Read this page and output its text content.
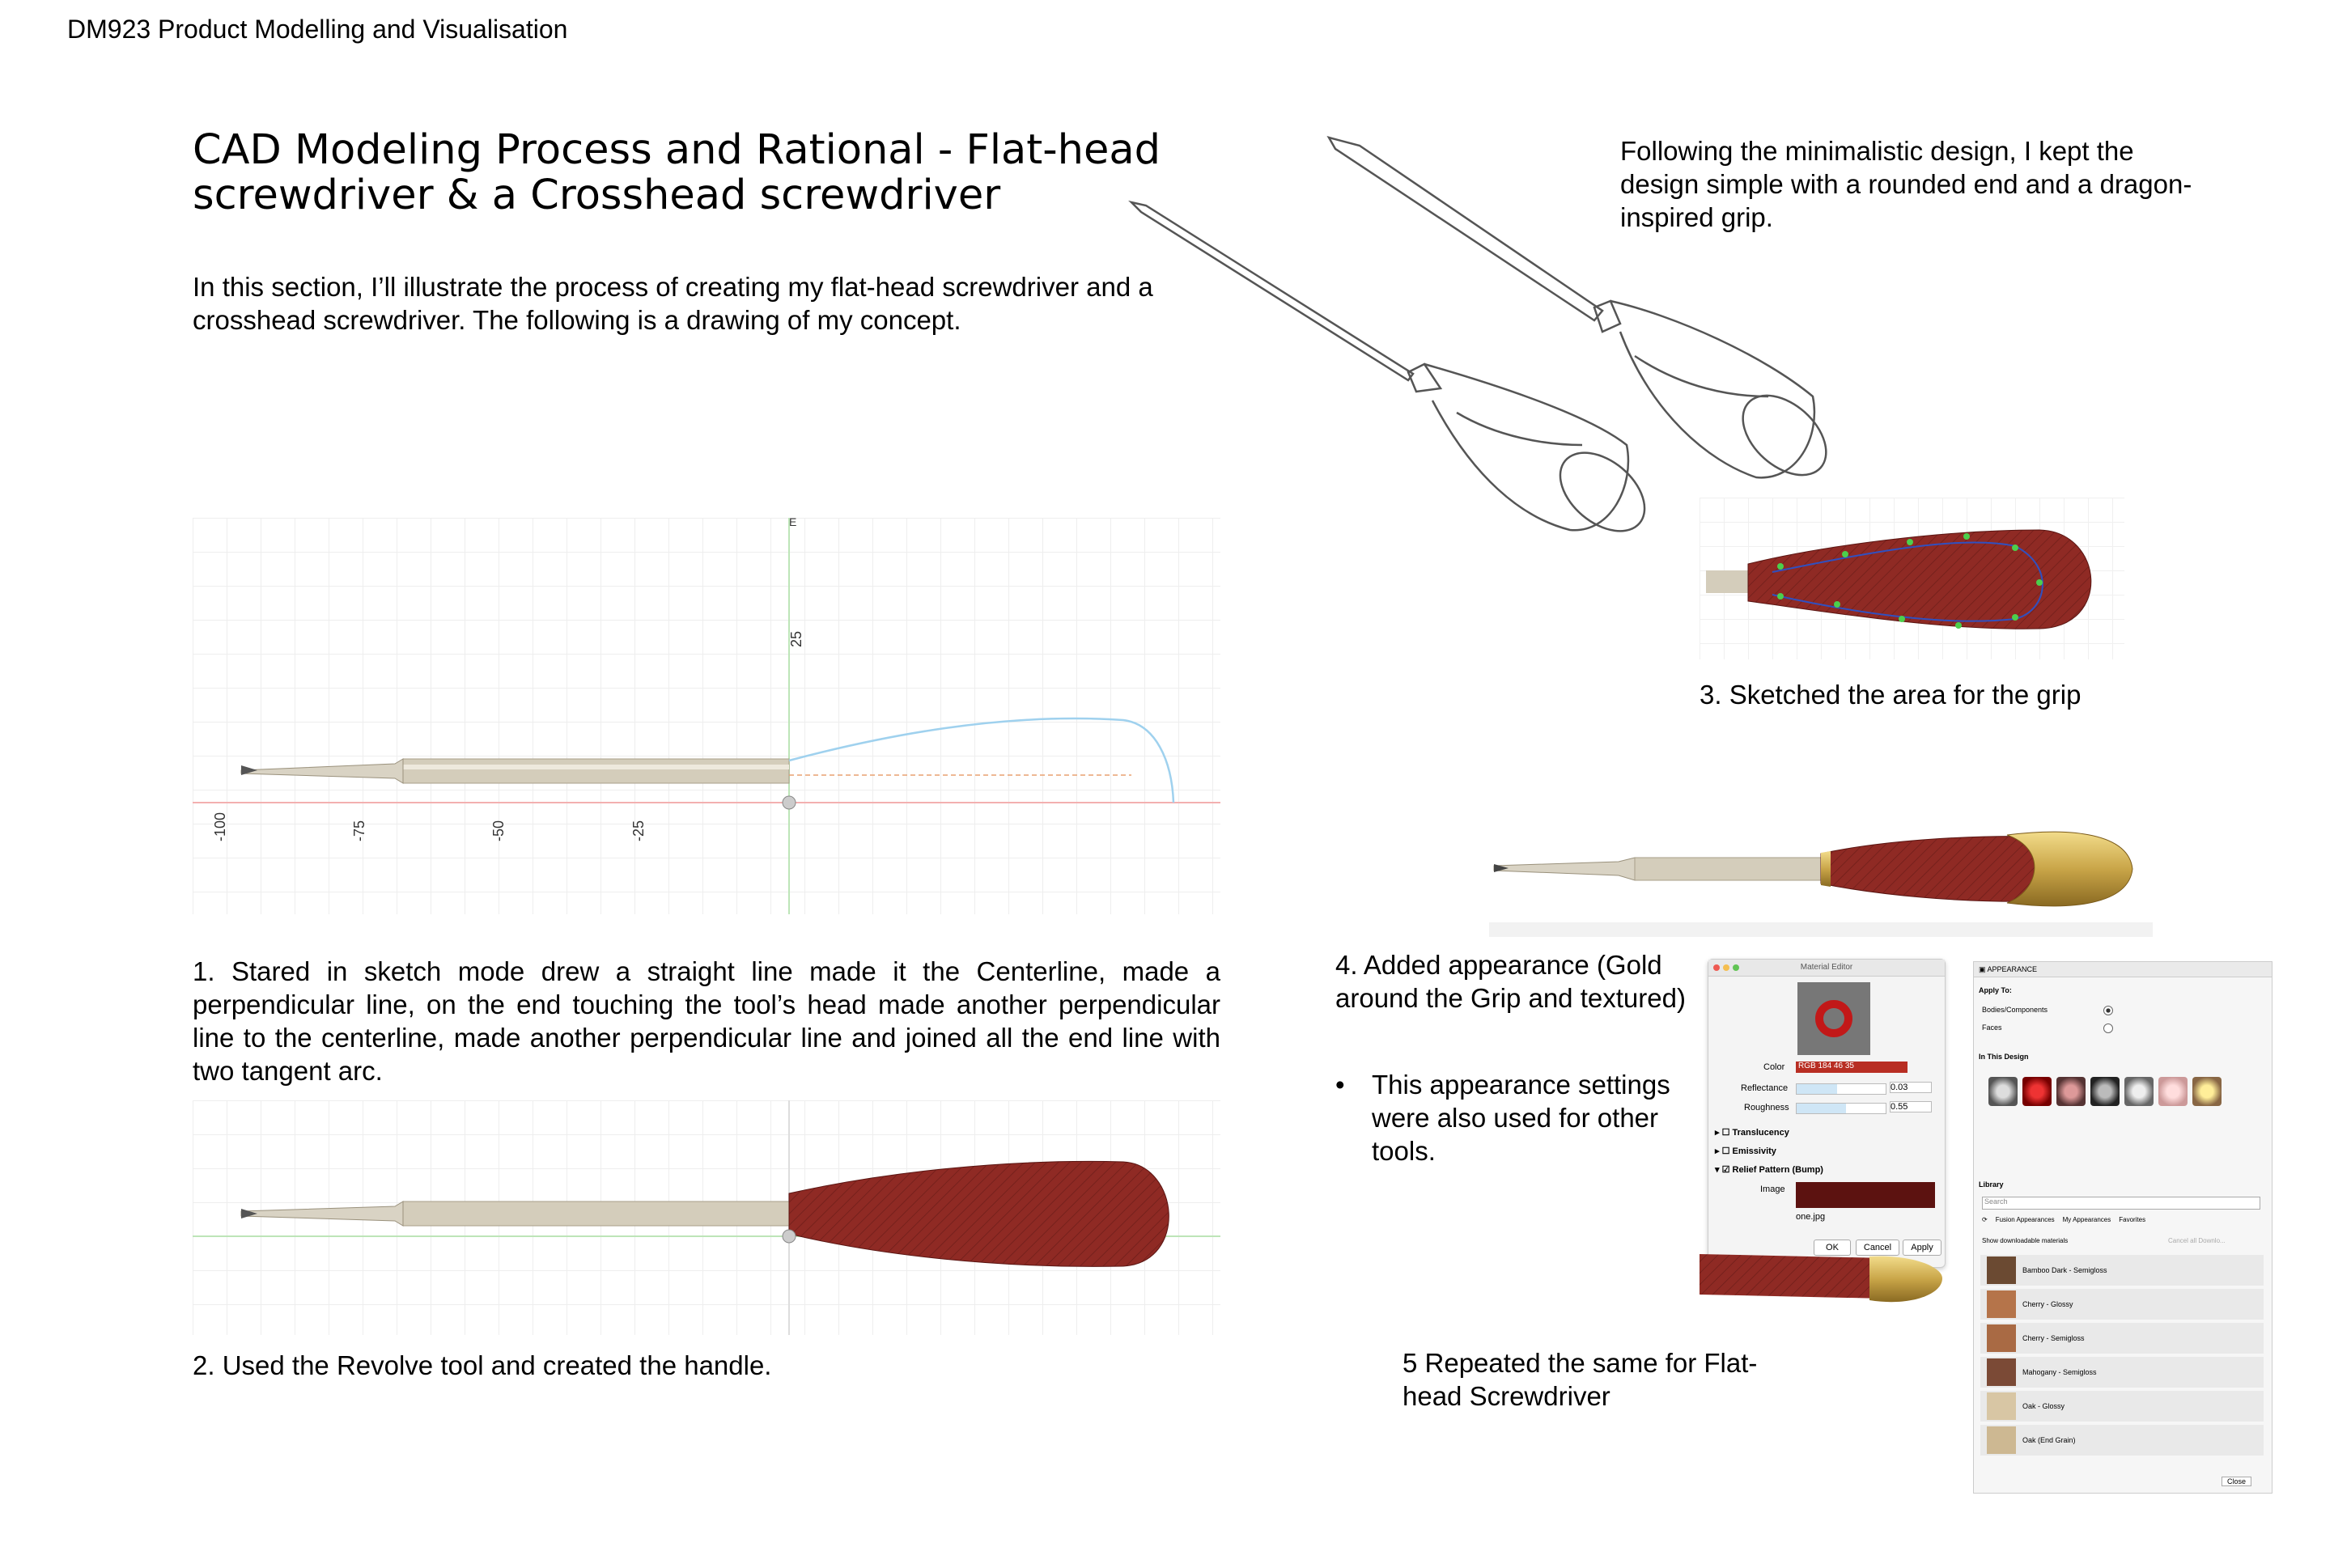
DM923 Product Modelling and Visualisation
CAD Modeling Process and Rational - Flat-head screwdriver & a Crosshead screwdriver
In this section, I’ll illustrate the process of creating my flat-head screwdriver and a crosshead screwdriver. The following is a drawing of my concept.
Following the minimalistic design, I kept the design simple with a rounded end and a dragon-inspired grip.
1. Stared in sketch mode drew a straight line made it the Centerline, made a perpendicular line, on the end touching the tool’s head made another perpendicular line to the centerline, made another perpendicular line and joined all the end line with two tangent arc.
2. Used the Revolve tool and created the handle.
3. Sketched the area for the grip
4. Added appearance (Gold around the Grip and textured)
•	This appearance settings were also used for other tools.
5 Repeated the same for Flat-head Screwdriver
E
25
-100	-75	-50	-25
Material Editor
Color	RGB 184 46 35
Reflectance	0.03
Roughness	0.55
▸ ☐ Translucency
▸ ☐ Emissivity
▾ ☑ Relief Pattern (Bump)
Image
one.jpg
OK	Cancel	Apply
▣ APPEARANCE
Apply To:
Bodies/Components
Faces
In This Design
Library
Search
⟳ Fusion Appearances My Appearances Favorites
Show downloadable materials	Cancel all Downlo...
Bamboo Dark - Semigloss
Cherry - Glossy
Cherry - Semigloss
Mahogany - Semigloss
Oak - Glossy
Oak (End Grain)
Close
